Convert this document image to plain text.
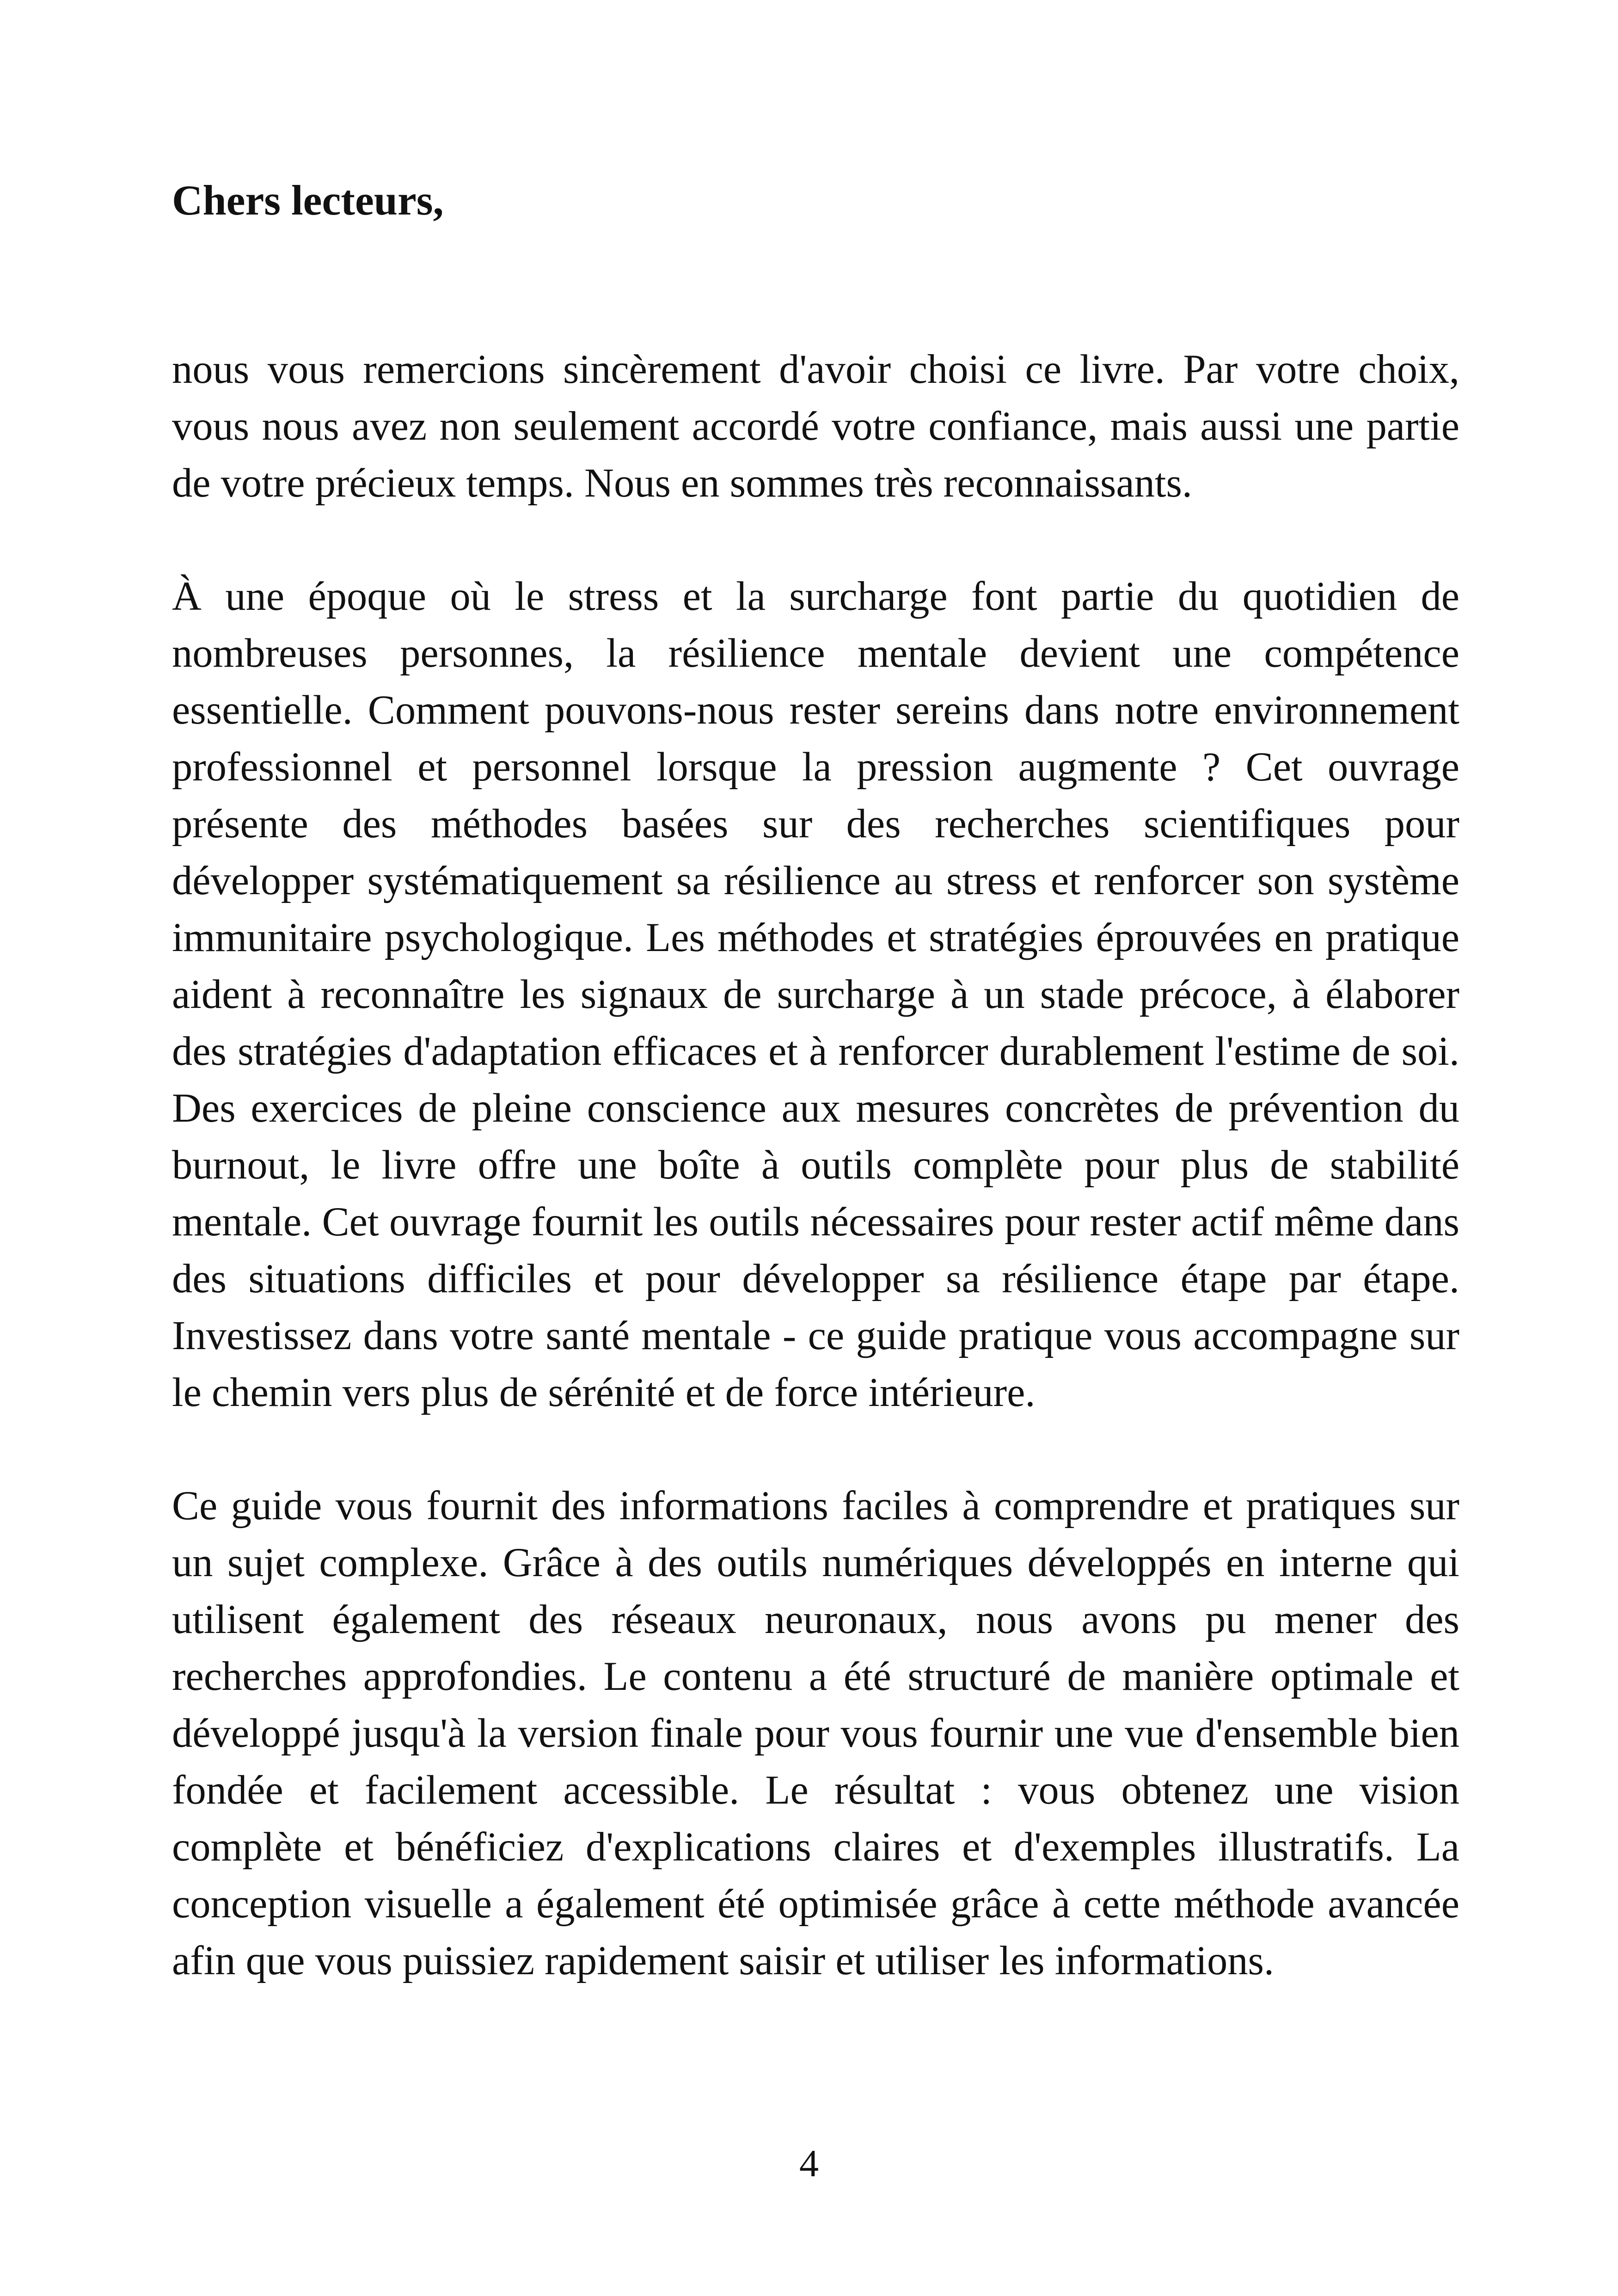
Chers lecteurs,

nous vous remercions sincèrement d'avoir choisi ce livre. Par votre choix, vous nous avez non seulement accordé votre confiance, mais aussi une partie de votre précieux temps. Nous en sommes très reconnaissants.

À une époque où le stress et la surcharge font partie du quotidien de nombreuses personnes, la résilience mentale devient une compétence essentielle. Comment pouvons-nous rester sereins dans notre environnement professionnel et personnel lorsque la pression augmente ? Cet ouvrage présente des méthodes basées sur des recherches scientifiques pour développer systématiquement sa résilience au stress et renforcer son système immunitaire psychologique. Les méthodes et stratégies éprouvées en pratique aident à reconnaître les signaux de surcharge à un stade précoce, à élaborer des stratégies d'adaptation efficaces et à renforcer durablement l'estime de soi. Des exercices de pleine conscience aux mesures concrètes de prévention du burnout, le livre offre une boîte à outils complète pour plus de stabilité mentale. Cet ouvrage fournit les outils nécessaires pour rester actif même dans des situations difficiles et pour développer sa résilience étape par étape. Investissez dans votre santé mentale - ce guide pratique vous accompagne sur le chemin vers plus de sérénité et de force intérieure.

Ce guide vous fournit des informations faciles à comprendre et pratiques sur un sujet complexe. Grâce à des outils numériques développés en interne qui utilisent également des réseaux neuronaux, nous avons pu mener des recherches approfondies. Le contenu a été structuré de manière optimale et développé jusqu'à la version finale pour vous fournir une vue d'ensemble bien fondée et facilement accessible. Le résultat : vous obtenez une vision complète et bénéficiez d'explications claires et d'exemples illustratifs. La conception visuelle a également été optimisée grâce à cette méthode avancée afin que vous puissiez rapidement saisir et utiliser les informations.

4
